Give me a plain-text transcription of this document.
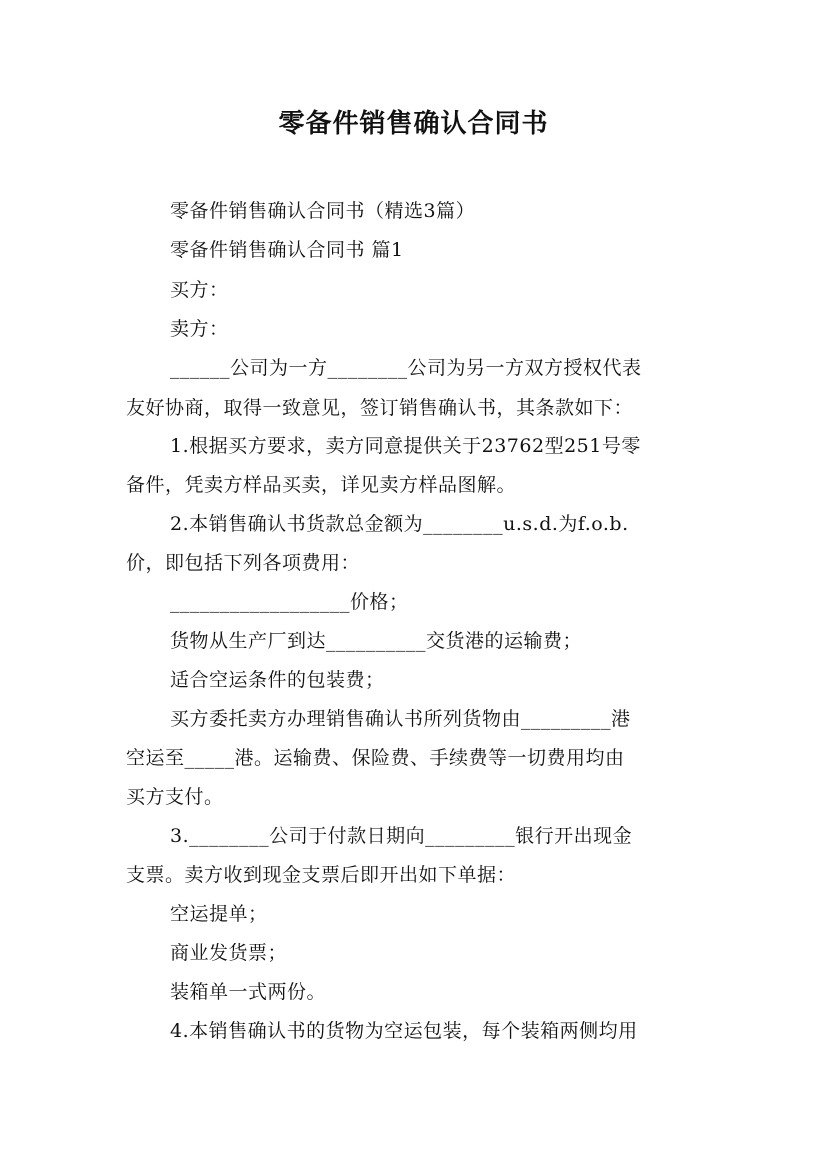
零备件销售确认合同书
零备件销售确认合同书（精选3篇）
零备件销售确认合同书 篇1
买方：
卖方：
______公司为一方________公司为另一方双方授权代表
友好协商，取得一致意见，签订销售确认书，其条款如下：
1.根据买方要求，卖方同意提供关于23762型251号零
备件，凭卖方样品买卖，详见卖方样品图解。
2.本销售确认书货款总金额为________u.s.d.为f.o.b.
价，即包括下列各项费用：
__________________价格；
货物从生产厂到达__________交货港的运输费；
适合空运条件的包装费；
买方委托卖方办理销售确认书所列货物由_________港
空运至_____港。运输费、保险费、手续费等一切费用均由
买方支付。
3.________公司于付款日期向_________银行开出现金
支票。卖方收到现金支票后即开出如下单据：
空运提单；
商业发货票；
装箱单一式两份。
4.本销售确认书的货物为空运包装，每个装箱两侧均用
